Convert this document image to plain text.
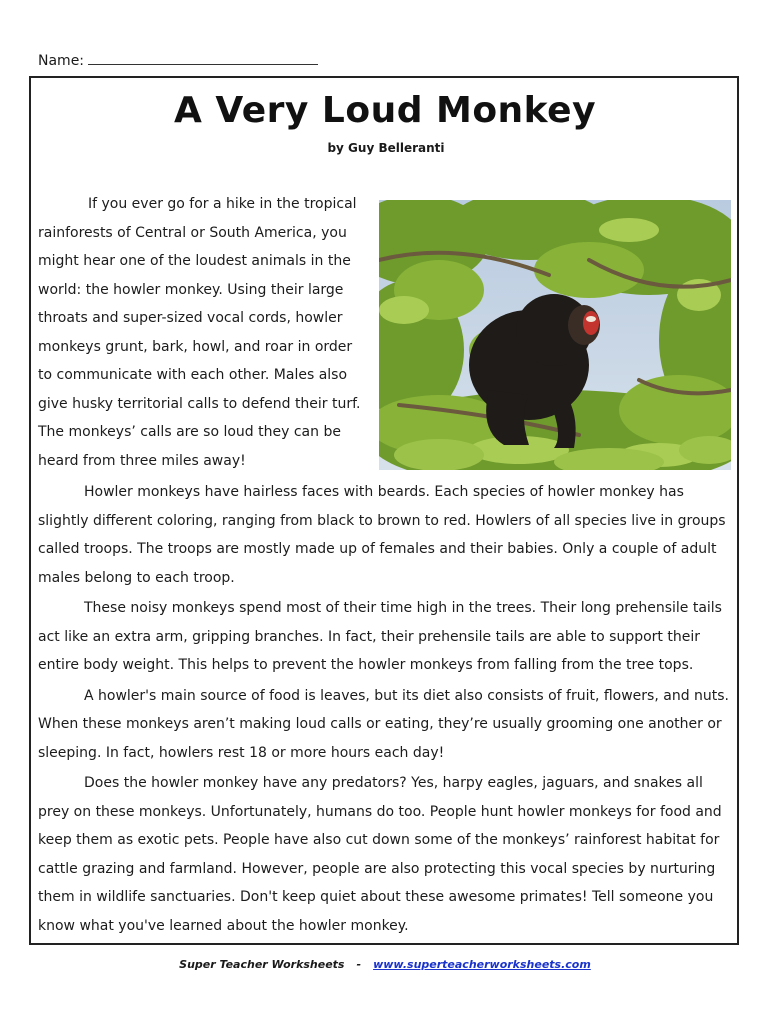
Name:
A Very Loud Monkey
by Guy Belleranti

If you ever go for a hike in the tropical rainforests of Central or South America, you might hear one of the loudest animals in the world: the howler monkey. Using their large throats and super-sized vocal cords, howler monkeys grunt, bark, howl, and roar in order to communicate with each other. Males also give husky territorial calls to defend their turf. The monkeys’ calls are so loud they can be heard from three miles away!

Howler monkeys have hairless faces with beards. Each species of howler monkey has slightly different coloring, ranging from black to brown to red. Howlers of all species live in groups called troops. The troops are mostly made up of females and their babies. Only a couple of adult males belong to each troop.

These noisy monkeys spend most of their time high in the trees. Their long prehensile tails act like an extra arm, gripping branches. In fact, their prehensile tails are able to support their entire body weight. This helps to prevent the howler monkeys from falling from the tree tops.

A howler's main source of food is leaves, but its diet also consists of fruit, flowers, and nuts. When these monkeys aren’t making loud calls or eating, they’re usually grooming one another or sleeping. In fact, howlers rest 18 or more hours each day!

Does the howler monkey have any predators? Yes, harpy eagles, jaguars, and snakes all prey on these monkeys. Unfortunately, humans do too. People hunt howler monkeys for food and keep them as exotic pets. People have also cut down some of the monkeys’ rainforest habitat for cattle grazing and farmland. However, people are also protecting this vocal species by nurturing them in wildlife sanctuaries. Don't keep quiet about these awesome primates! Tell someone you know what you've learned about the howler monkey.

Super Teacher Worksheets - www.superteacherworksheets.com
